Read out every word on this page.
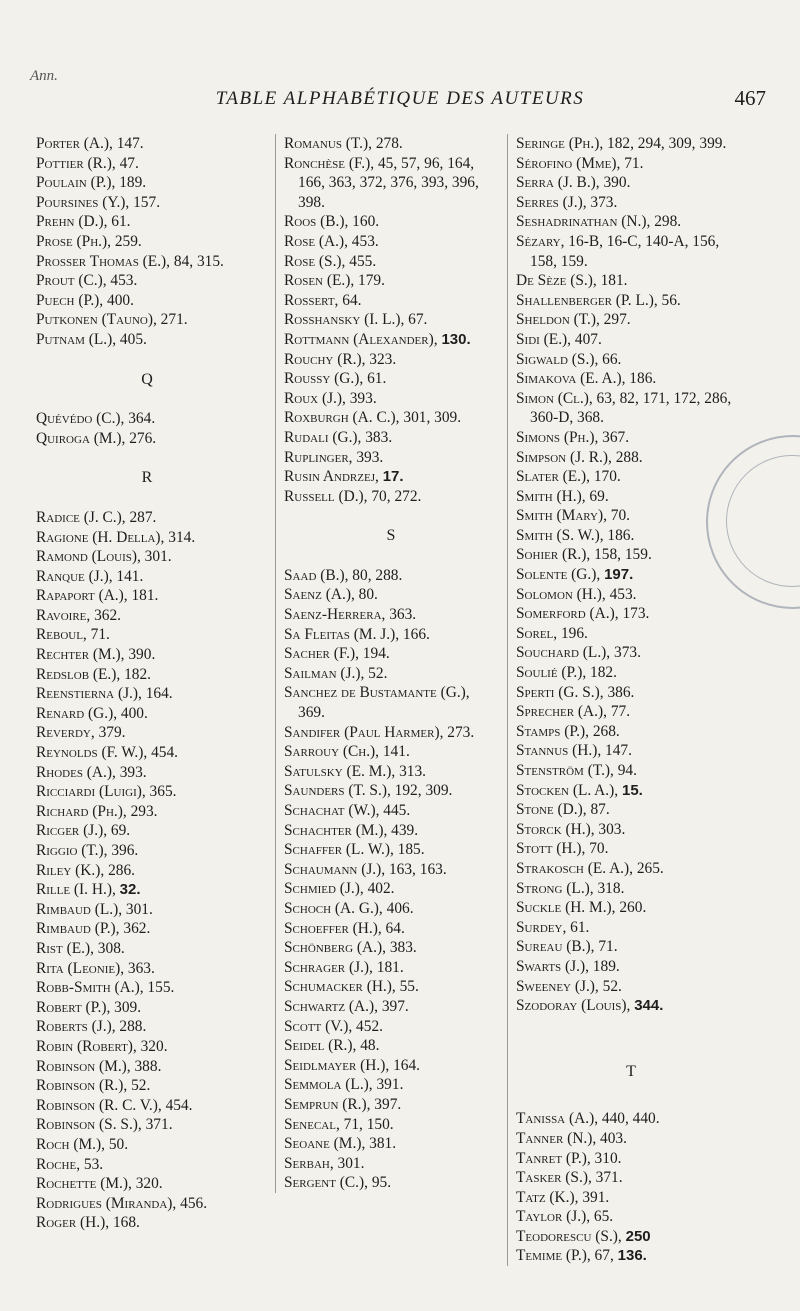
Ann.
TABLE ALPHABÉTIQUE DES AUTEURS	467
Porter (A.), 147.
Pottier (R.), 47.
Poulain (P.), 189.
Poursines (Y.), 157.
Prehn (D.), 61.
Prose (Ph.), 259.
Prosser Thomas (E.), 84, 315.
Prout (C.), 453.
Puech (P.), 400.
Putkonen (Tauno), 271.
Putnam (L.), 405.
Q
Quévédo (C.), 364.
Quiroga (M.), 276.
R
Radice (J. C.), 287.
Ragione (H. Della), 314.
Ramond (Louis), 301.
Ranque (J.), 141.
Rapaport (A.), 181.
Ravoire, 362.
Reboul, 71.
Rechter (M.), 390.
Redslob (E.), 182.
Reenstierna (J.), 164.
Renard (G.), 400.
Reverdy, 379.
Reynolds (F. W.), 454.
Rhodes (A.), 393.
Ricciardi (Luigi), 365.
Richard (Ph.), 293.
Ricger (J.), 69.
Riggio (T.), 396.
Riley (K.), 286.
Rille (I. H.), 32.
Rimbaud (L.), 301.
Rimbaud (P.), 362.
Rist (E.), 308.
Rita (Leonie), 363.
Robb-Smith (A.), 155.
Robert (P.), 309.
Roberts (J.), 288.
Robin (Robert), 320.
Robinson (M.), 388.
Robinson (R.), 52.
Robinson (R. C. V.), 454.
Robinson (S. S.), 371.
Roch (M.), 50.
Roche, 53.
Rochette (M.), 320.
Rodrigues (Miranda), 456.
Roger (H.), 168.
Romanus (T.), 278.
Ronchèse (F.), 45, 57, 96, 164, 166, 363, 372, 376, 393, 396, 398.
Roos (B.), 160.
Rose (A.), 453.
Rose (S.), 455.
Rosen (E.), 179.
Rossert, 64.
Rosshansky (I. L.), 67.
Rottmann (Alexander), 130.
Rouchy (R.), 323.
Roussy (G.), 61.
Roux (J.), 393.
Roxburgh (A. C.), 301, 309.
Rudali (G.), 383.
Ruplinger, 393.
Rusin Andrzej, 17.
Russell (D.), 70, 272.
S
Saad (B.), 80, 288.
Saenz (A.), 80.
Saenz-Herrera, 363.
Sa Fleitas (M. J.), 166.
Sacher (F.), 194.
Sailman (J.), 52.
Sanchez de Bustamante (G.), 369.
Sandifer (Paul Harmer), 273.
Sarrouy (Ch.), 141.
Satulsky (E. M.), 313.
Saunders (T. S.), 192, 309.
Schachat (W.), 445.
Schachter (M.), 439.
Schaffer (L. W.), 185.
Schaumann (J.), 163, 163.
Schmied (J.), 402.
Schoch (A. G.), 406.
Schoeffer (H.), 64.
Schönberg (A.), 383.
Schrager (J.), 181.
Schumacker (H.), 55.
Schwartz (A.), 397.
Scott (V.), 452.
Seidel (R.), 48.
Seidlmayer (H.), 164.
Semmola (L.), 391.
Semprun (R.), 397.
Senecal, 71, 150.
Seoane (M.), 381.
Serbah, 301.
Sergent (C.), 95.
Seringe (Ph.), 182, 294, 309, 399.
Sérofino (Mme), 71.
Serra (J. B.), 390.
Serres (J.), 373.
Seshadrinathan (N.), 298.
Sézary, 16-B, 16-C, 140-A, 156, 158, 159.
De Sèze (S.), 181.
Shallenberger (P. L.), 56.
Sheldon (T.), 297.
Sidi (E.), 407.
Sigwald (S.), 66.
Simakova (E. A.), 186.
Simon (Cl.), 63, 82, 171, 172, 286, 360-D, 368.
Simons (Ph.), 367.
Simpson (J. R.), 288.
Slater (E.), 170.
Smith (H.), 69.
Smith (Mary), 70.
Smith (S. W.), 186.
Sohier (R.), 158, 159.
Solente (G.), 197.
Solomon (H.), 453.
Somerford (A.), 173.
Sorel, 196.
Souchard (L.), 373.
Soulié (P.), 182.
Sperti (G. S.), 386.
Sprecher (A.), 77.
Stamps (P.), 268.
Stannus (H.), 147.
Stenström (T.), 94.
Stocken (L. A.), 15.
Stone (D.), 87.
Storck (H.), 303.
Stott (H.), 70.
Strakosch (E. A.), 265.
Strong (L.), 318.
Suckle (H. M.), 260.
Surdey, 61.
Sureau (B.), 71.
Swarts (J.), 189.
Sweeney (J.), 52.
Szodoray (Louis), 344.
T
Tanissa (A.), 440, 440.
Tanner (N.), 403.
Tanret (P.), 310.
Tasker (S.), 371.
Tatz (K.), 391.
Taylor (J.), 65.
Teodorescu (S.), 250
Temime (P.), 67, 136.
